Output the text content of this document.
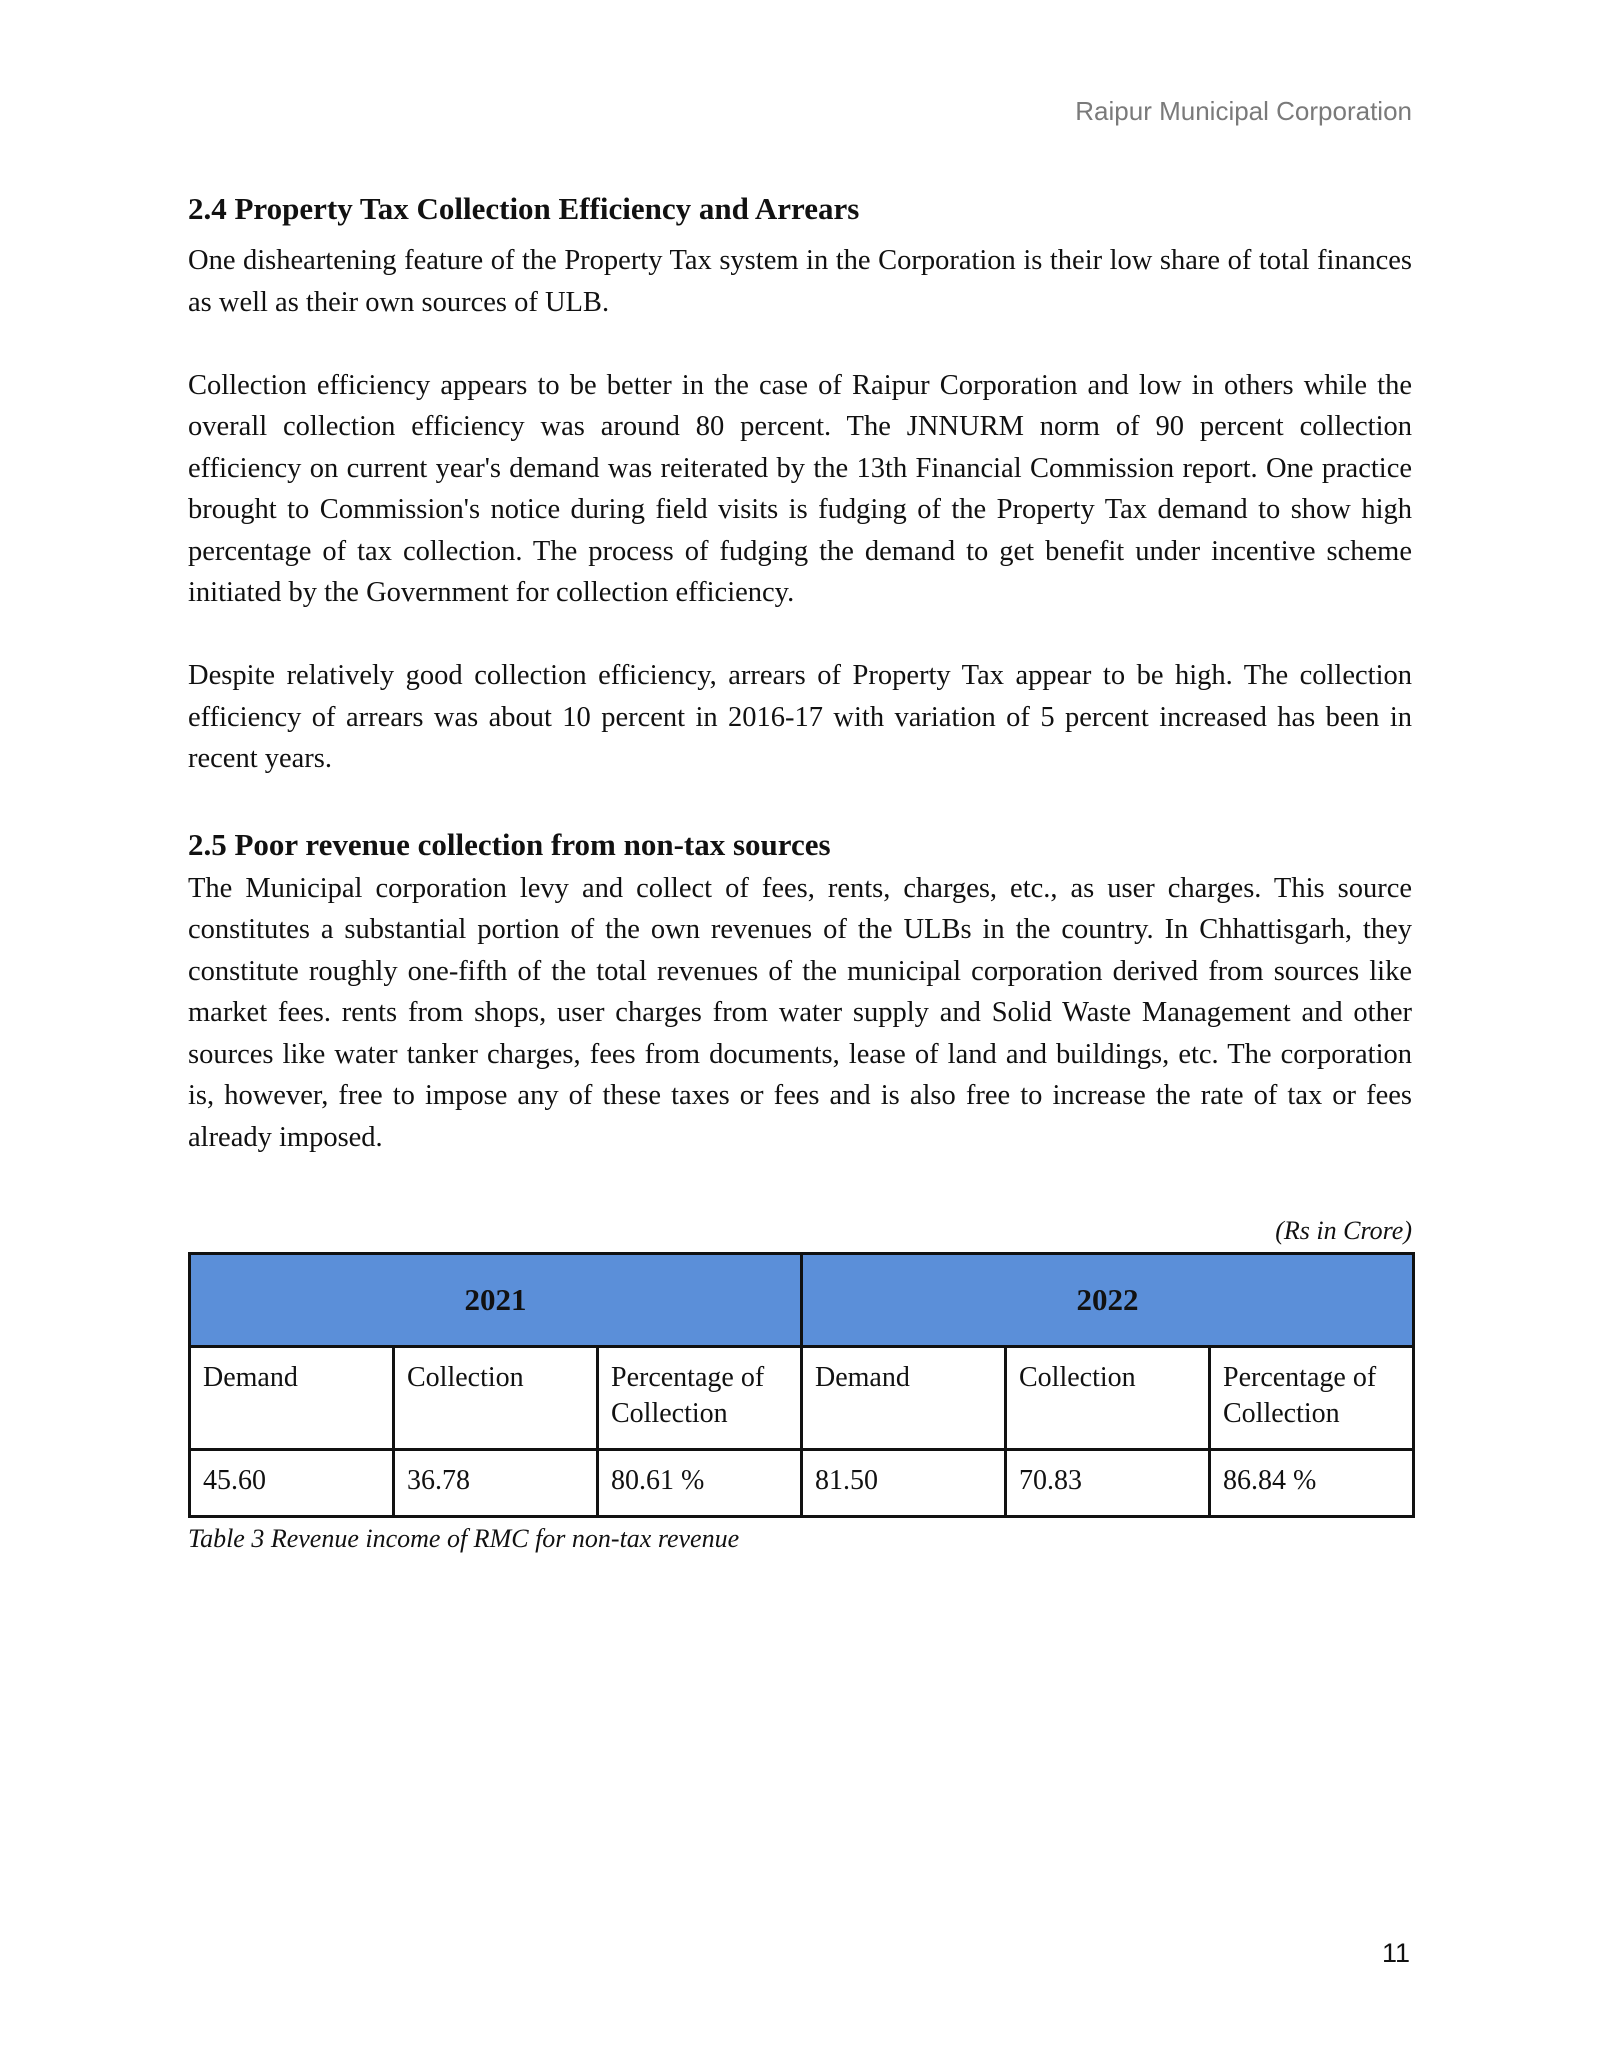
Raipur Municipal Corporation
2.4 Property Tax Collection Efficiency and Arrears

One disheartening feature of the Property Tax system in the Corporation is their low share of total finances as well as their own sources of ULB.

Collection efficiency appears to be better in the case of Raipur Corporation and low in others while the overall collection efficiency was around 80 percent. The JNNURM norm of 90 percent collection efficiency on current year's demand was reiterated by the 13th Financial Commission report. One practice brought to Commission's notice during field visits is fudging of the Property Tax demand to show high percentage of tax collection. The process of fudging the demand to get benefit under incentive scheme initiated by the Government for collection efficiency.

Despite relatively good collection efficiency, arrears of Property Tax appear to be high. The collection efficiency of arrears was about 10 percent in 2016-17 with variation of 5 percent increased has been in recent years.

2.5 Poor revenue collection from non-tax sources

The Municipal corporation levy and collect of fees, rents, charges, etc., as user charges. This source constitutes a substantial portion of the own revenues of the ULBs in the country. In Chhattisgarh, they constitute roughly one-fifth of the total revenues of the municipal corporation derived from sources like market fees. rents from shops, user charges from water supply and Solid Waste Management and other sources like water tanker charges, fees from documents, lease of land and buildings, etc. The corporation is, however, free to impose any of these taxes or fees and is also free to increase the rate of tax or fees already imposed.

(Rs in Crore)
2021			2022		
Demand	Collection	Percentage of Collection	Demand	Collection	Percentage of Collection
45.60	36.78	80.61 %	81.50	70.83	86.84 %
Table 3 Revenue income of RMC for non-tax revenue
11
